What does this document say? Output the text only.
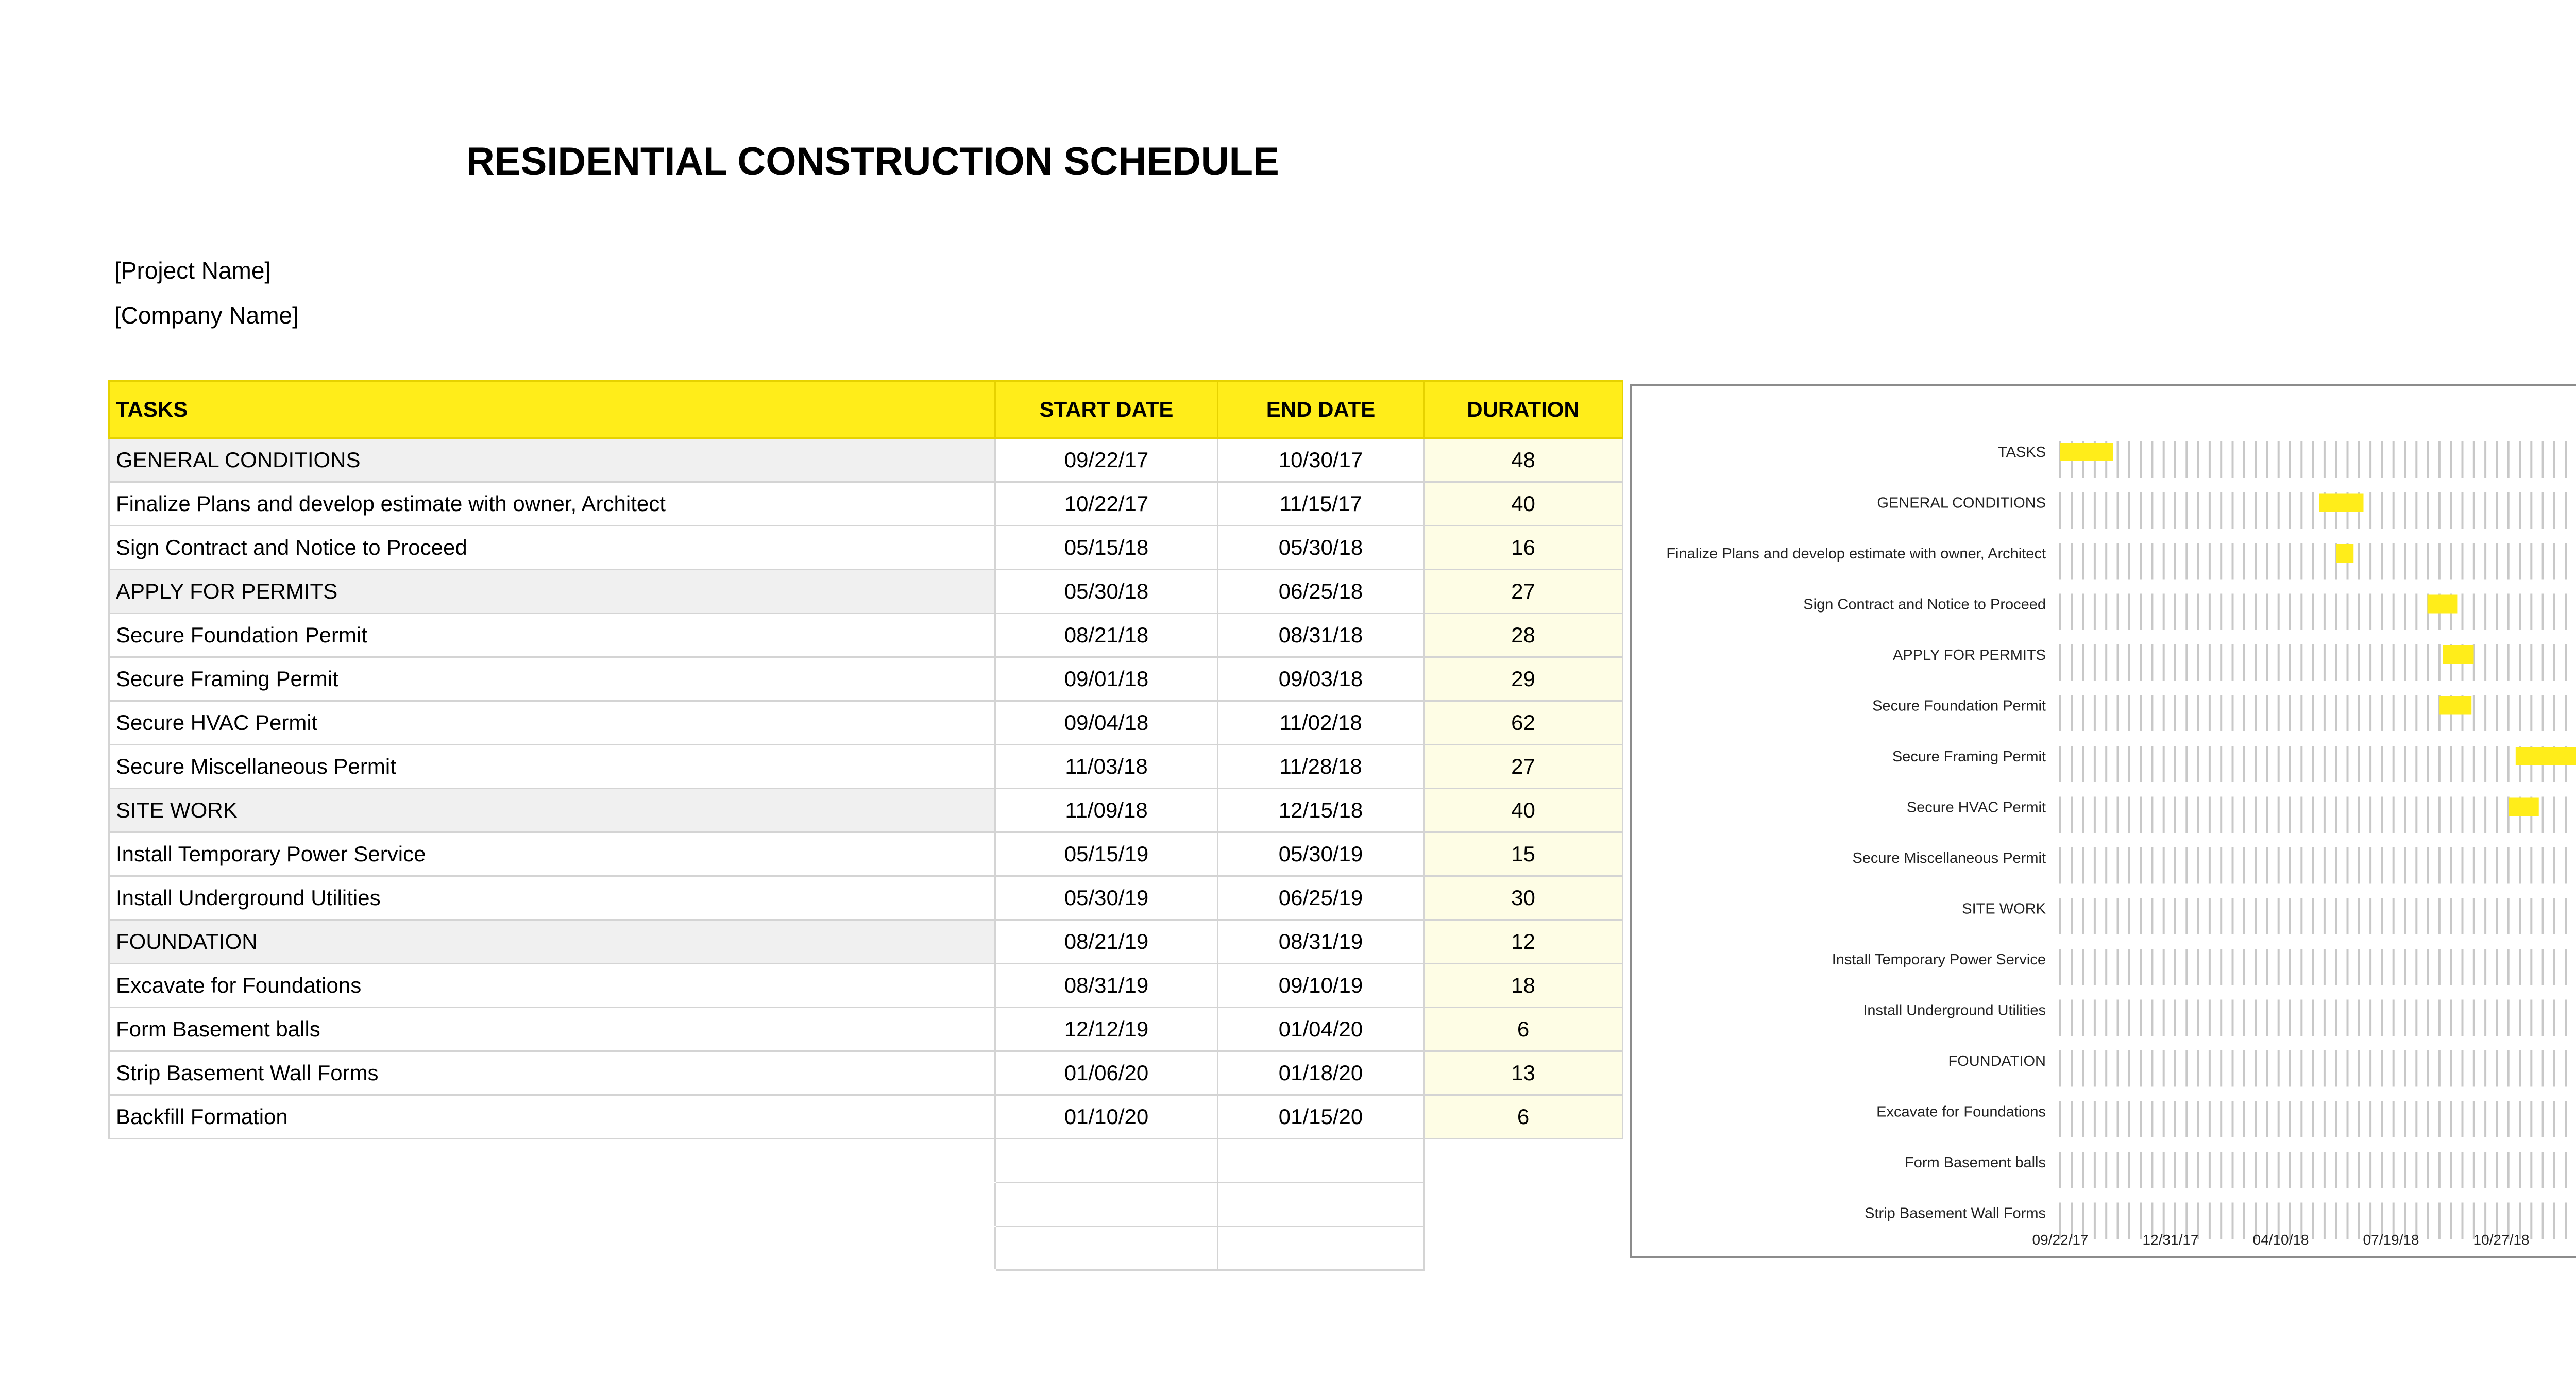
RESIDENTIAL CONSTRUCTION SCHEDULE
[Project Name]
[Company Name]
TASKS	START DATE	END DATE	DURATION
GENERAL CONDITIONS	09/22/17	10/30/17	48
Finalize Plans and develop estimate with owner, Architect	10/22/17	11/15/17	40
Sign Contract and Notice to Proceed	05/15/18	05/30/18	16
APPLY FOR PERMITS	05/30/18	06/25/18	27
Secure Foundation Permit	08/21/18	08/31/18	28
Secure Framing Permit	09/01/18	09/03/18	29
Secure HVAC Permit	09/04/18	11/02/18	62
Secure Miscellaneous Permit	11/03/18	11/28/18	27
SITE WORK	11/09/18	12/15/18	40
Install Temporary Power Service	05/15/19	05/30/19	15
Install Underground Utilities	05/30/19	06/25/19	30
FOUNDATION	08/21/19	08/31/19	12
Excavate for Foundations	08/31/19	09/10/19	18
Form Basement balls	12/12/19	01/04/20	6
Strip Basement Wall Forms	01/06/20	01/18/20	13
Backfill Formation	01/10/20	01/15/20	6

TASKS
GENERAL CONDITIONS
Finalize Plans and develop estimate with owner, Architect
Sign Contract and Notice to Proceed
APPLY FOR PERMITS
Secure Foundation Permit
Secure Framing Permit
Secure HVAC Permit
Secure Miscellaneous Permit
SITE WORK
Install Temporary Power Service
Install Underground Utilities
FOUNDATION
Excavate for Foundations
Form Basement balls
Strip Basement Wall Forms
09/22/17	12/31/17	04/10/18	07/19/18	10/27/18
